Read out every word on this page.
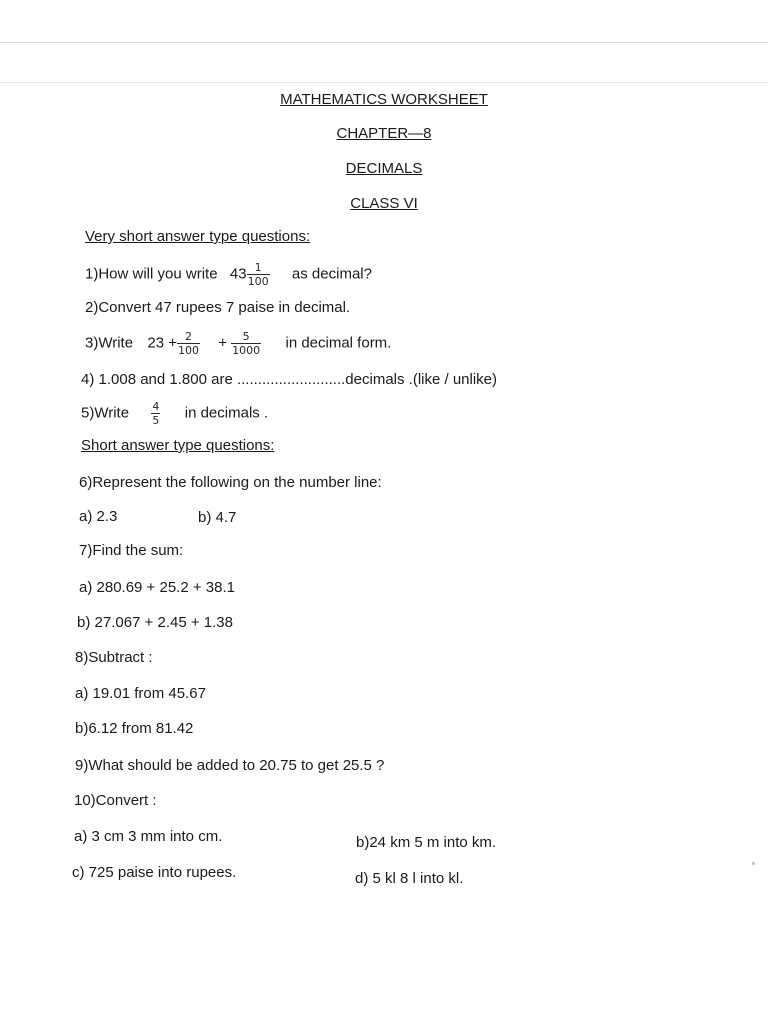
MATHEMATICS WORKSHEET
CHAPTER—8
DECIMALS
CLASS VI
Very short answer type questions:
1)How will you write $43 \frac{1}{100}$ as decimal?
2)Convert 47 rupees 7 paise in decimal.
3)Write $23 + \frac{2}{100} + \frac{5}{1000}$ in decimal form.
4) 1.008 and 1.800 are ..........................decimals .(like / unlike)
5)Write $\frac{4}{5}$ in decimals .
Short answer type questions:
6)Represent the following on the number line:
a) 2.3	b) 4.7
7)Find the sum:
a) 280.69 + 25.2 + 38.1
b) 27.067 + 2.45 + 1.38
8)Subtract :
a) 19.01 from 45.67
b)6.12 from 81.42
9)What should be added to 20.75 to get 25.5 ?
10)Convert :
a) 3 cm 3 mm into cm.	b)24 km 5 m into km.
c) 725 paise into rupees.	d) 5 kl 8 l into kl.
